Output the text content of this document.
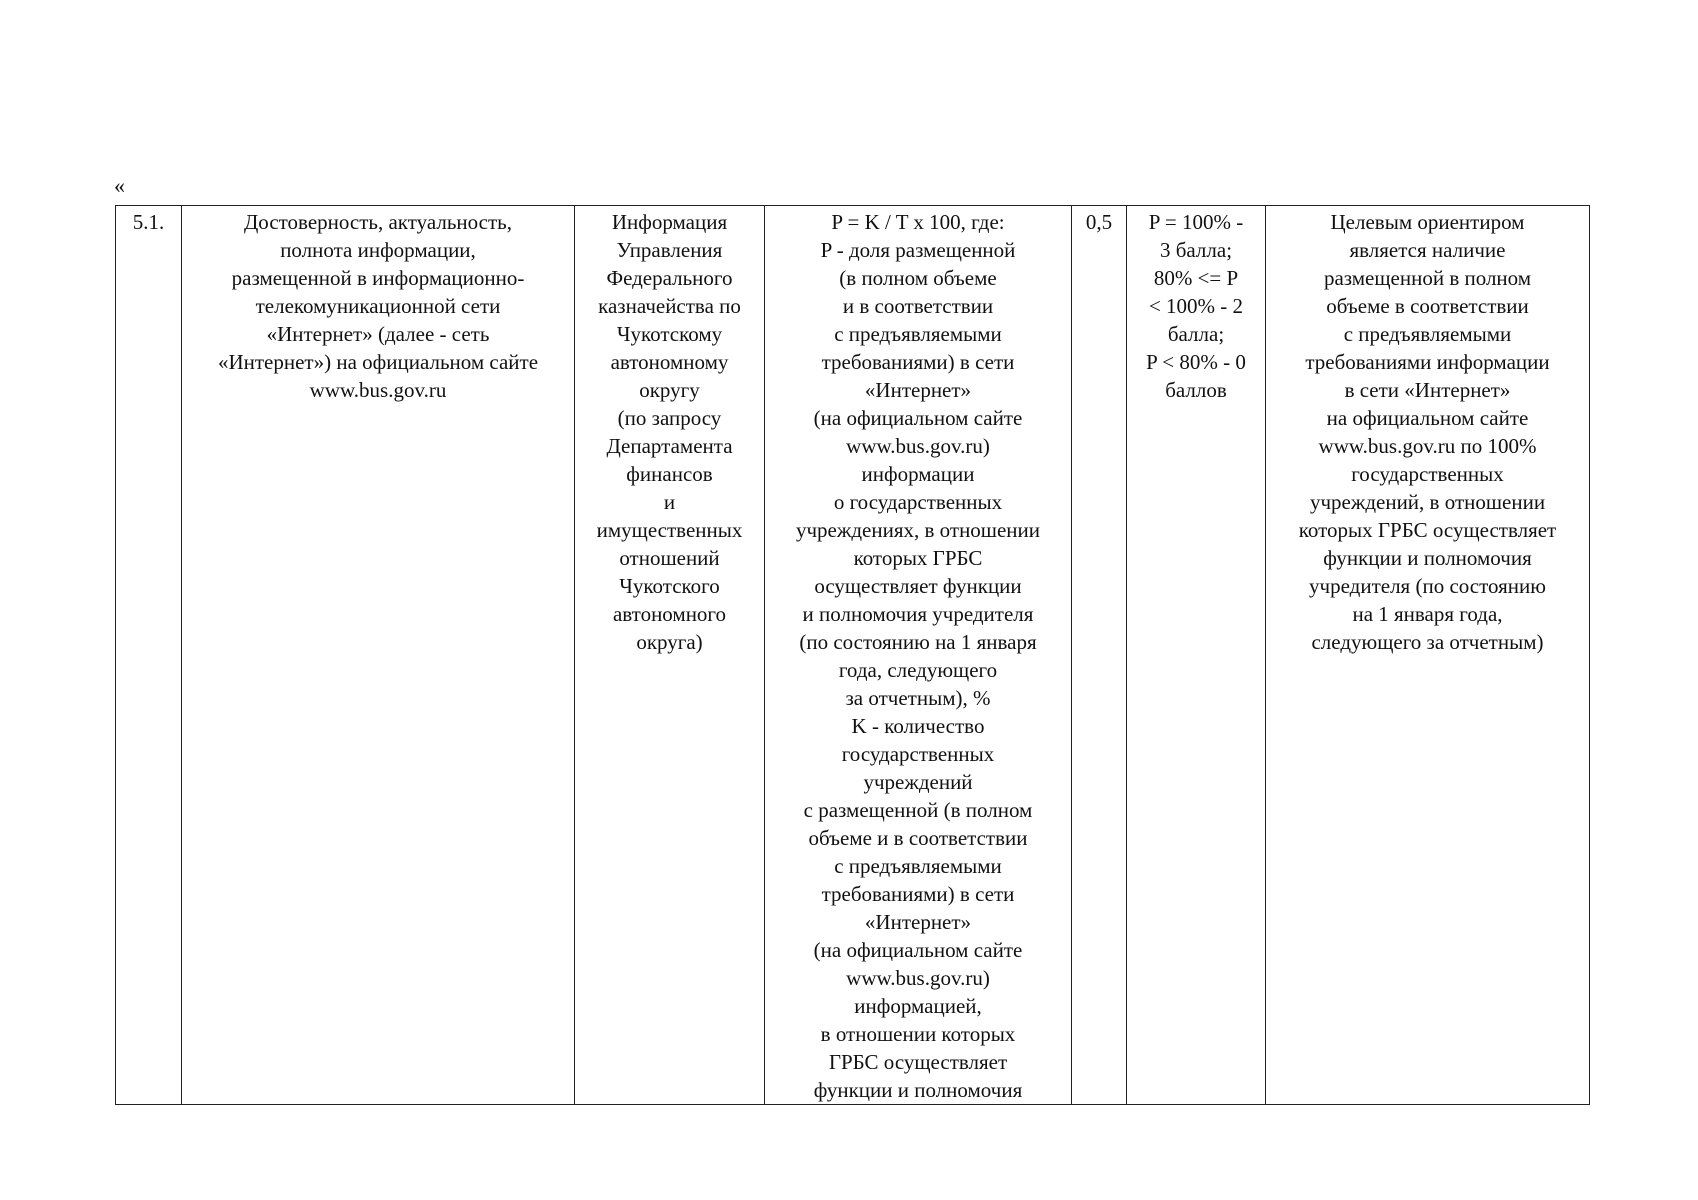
«
5.1.	Достоверность, актуальность,
полнота информации,
размещенной в информационно-
телекомуникационной сети
«Интернет» (далее - сеть
«Интернет») на официальном сайте
www.bus.gov.ru	Информация
Управления
Федерального
казначейства по
Чукотскому
автономному
округу
(по запросу
Департамента
финансов
и
имущественных
отношений
Чукотского
автономного
округа)	P = K / T x 100, где:
P - доля размещенной
(в полном объеме
и в соответствии
с предъявляемыми
требованиями) в сети
«Интернет»
(на официальном сайте
www.bus.gov.ru)
информации
о государственных
учреждениях, в отношении
которых ГРБС
осуществляет функции
и полномочия учредителя
(по состоянию на 1 января
года, следующего
за отчетным), %
K - количество
государственных
учреждений
с размещенной (в полном
объеме и в соответствии
с предъявляемыми
требованиями) в сети
«Интернет»
(на официальном сайте
www.bus.gov.ru)
информацией,
в отношении которых
ГРБС осуществляет
функции и полномочия	0,5	P = 100% -
3 балла;
80% <= P
< 100% - 2
балла;
P < 80% - 0
баллов	Целевым ориентиром
является наличие
размещенной в полном
объеме в соответствии
с предъявляемыми
требованиями информации
в сети «Интернет»
на официальном сайте
www.bus.gov.ru по 100%
государственных
учреждений, в отношении
которых ГРБС осуществляет
функции и полномочия
учредителя (по состоянию
на 1 января года,
следующего за отчетным)
